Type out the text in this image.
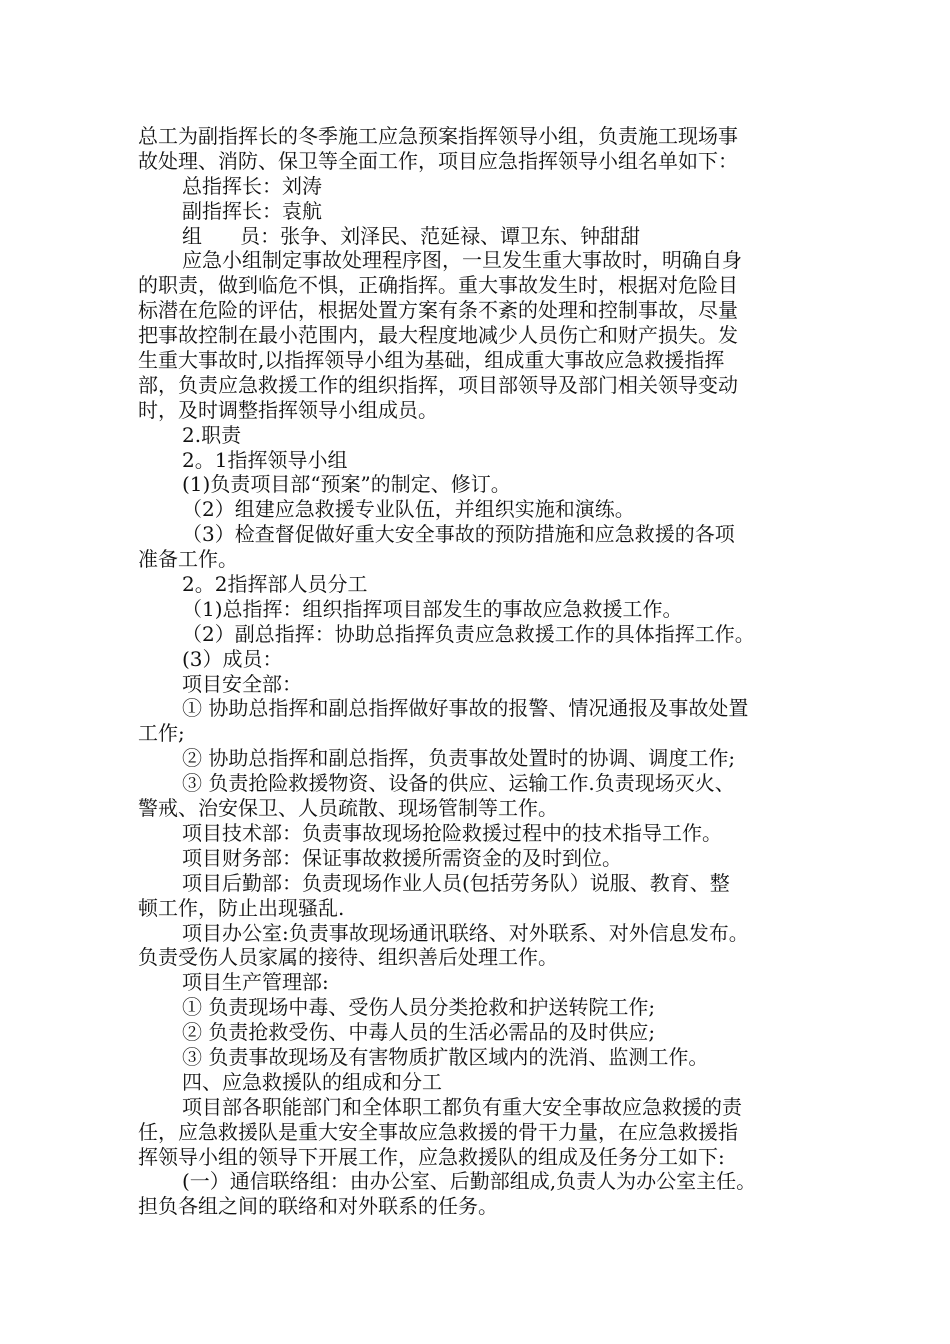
总工为副指挥长的冬季施工应急预案指挥领导小组，负责施工现场事
故处理、消防、保卫等全面工作，项目应急指挥领导小组名单如下：
总指挥长：刘涛
副指挥长：袁航
组      员：张争、刘泽民、范延禄、谭卫东、钟甜甜
应急小组制定事故处理程序图，一旦发生重大事故时，明确自身
的职责，做到临危不惧，正确指挥。重大事故发生时，根据对危险目
标潜在危险的评估，根据处置方案有条不紊的处理和控制事故，尽量
把事故控制在最小范围内，最大程度地减少人员伤亡和财产损失。发
生重大事故时,以指挥领导小组为基础，组成重大事故应急救援指挥
部，负责应急救援工作的组织指挥，项目部领导及部门相关领导变动
时，及时调整指挥领导小组成员。
2.职责
2。1指挥领导小组
(1)负责项目部“预案”的制定、修订。
（2）组建应急救援专业队伍，并组织实施和演练。
（3）检查督促做好重大安全事故的预防措施和应急救援的各项
准备工作。
2。2指挥部人员分工
（1)总指挥：组织指挥项目部发生的事故应急救援工作。
（2）副总指挥：协助总指挥负责应急救援工作的具体指挥工作。
(3）成员：
项目安全部：
① 协助总指挥和副总指挥做好事故的报警、情况通报及事故处置
工作;
② 协助总指挥和副总指挥，负责事故处置时的协调、调度工作;
③ 负责抢险救援物资、设备的供应、运输工作.负责现场灭火、
警戒、治安保卫、人员疏散、现场管制等工作。
项目技术部：负责事故现场抢险救援过程中的技术指导工作。
项目财务部：保证事故救援所需资金的及时到位。
项目后勤部：负责现场作业人员(包括劳务队）说服、教育、整
顿工作，防止出现骚乱.
项目办公室:负责事故现场通讯联络、对外联系、对外信息发布。
负责受伤人员家属的接待、组织善后处理工作。
项目生产管理部:
① 负责现场中毒、受伤人员分类抢救和护送转院工作;
② 负责抢救受伤、中毒人员的生活必需品的及时供应;
③ 负责事故现场及有害物质扩散区域内的洗消、监测工作。
四、应急救援队的组成和分工
项目部各职能部门和全体职工都负有重大安全事故应急救援的责
任，应急救援队是重大安全事故应急救援的骨干力量，在应急救援指
挥领导小组的领导下开展工作，应急救援队的组成及任务分工如下:
(一）通信联络组：由办公室、后勤部组成,负责人为办公室主任。
担负各组之间的联络和对外联系的任务。
